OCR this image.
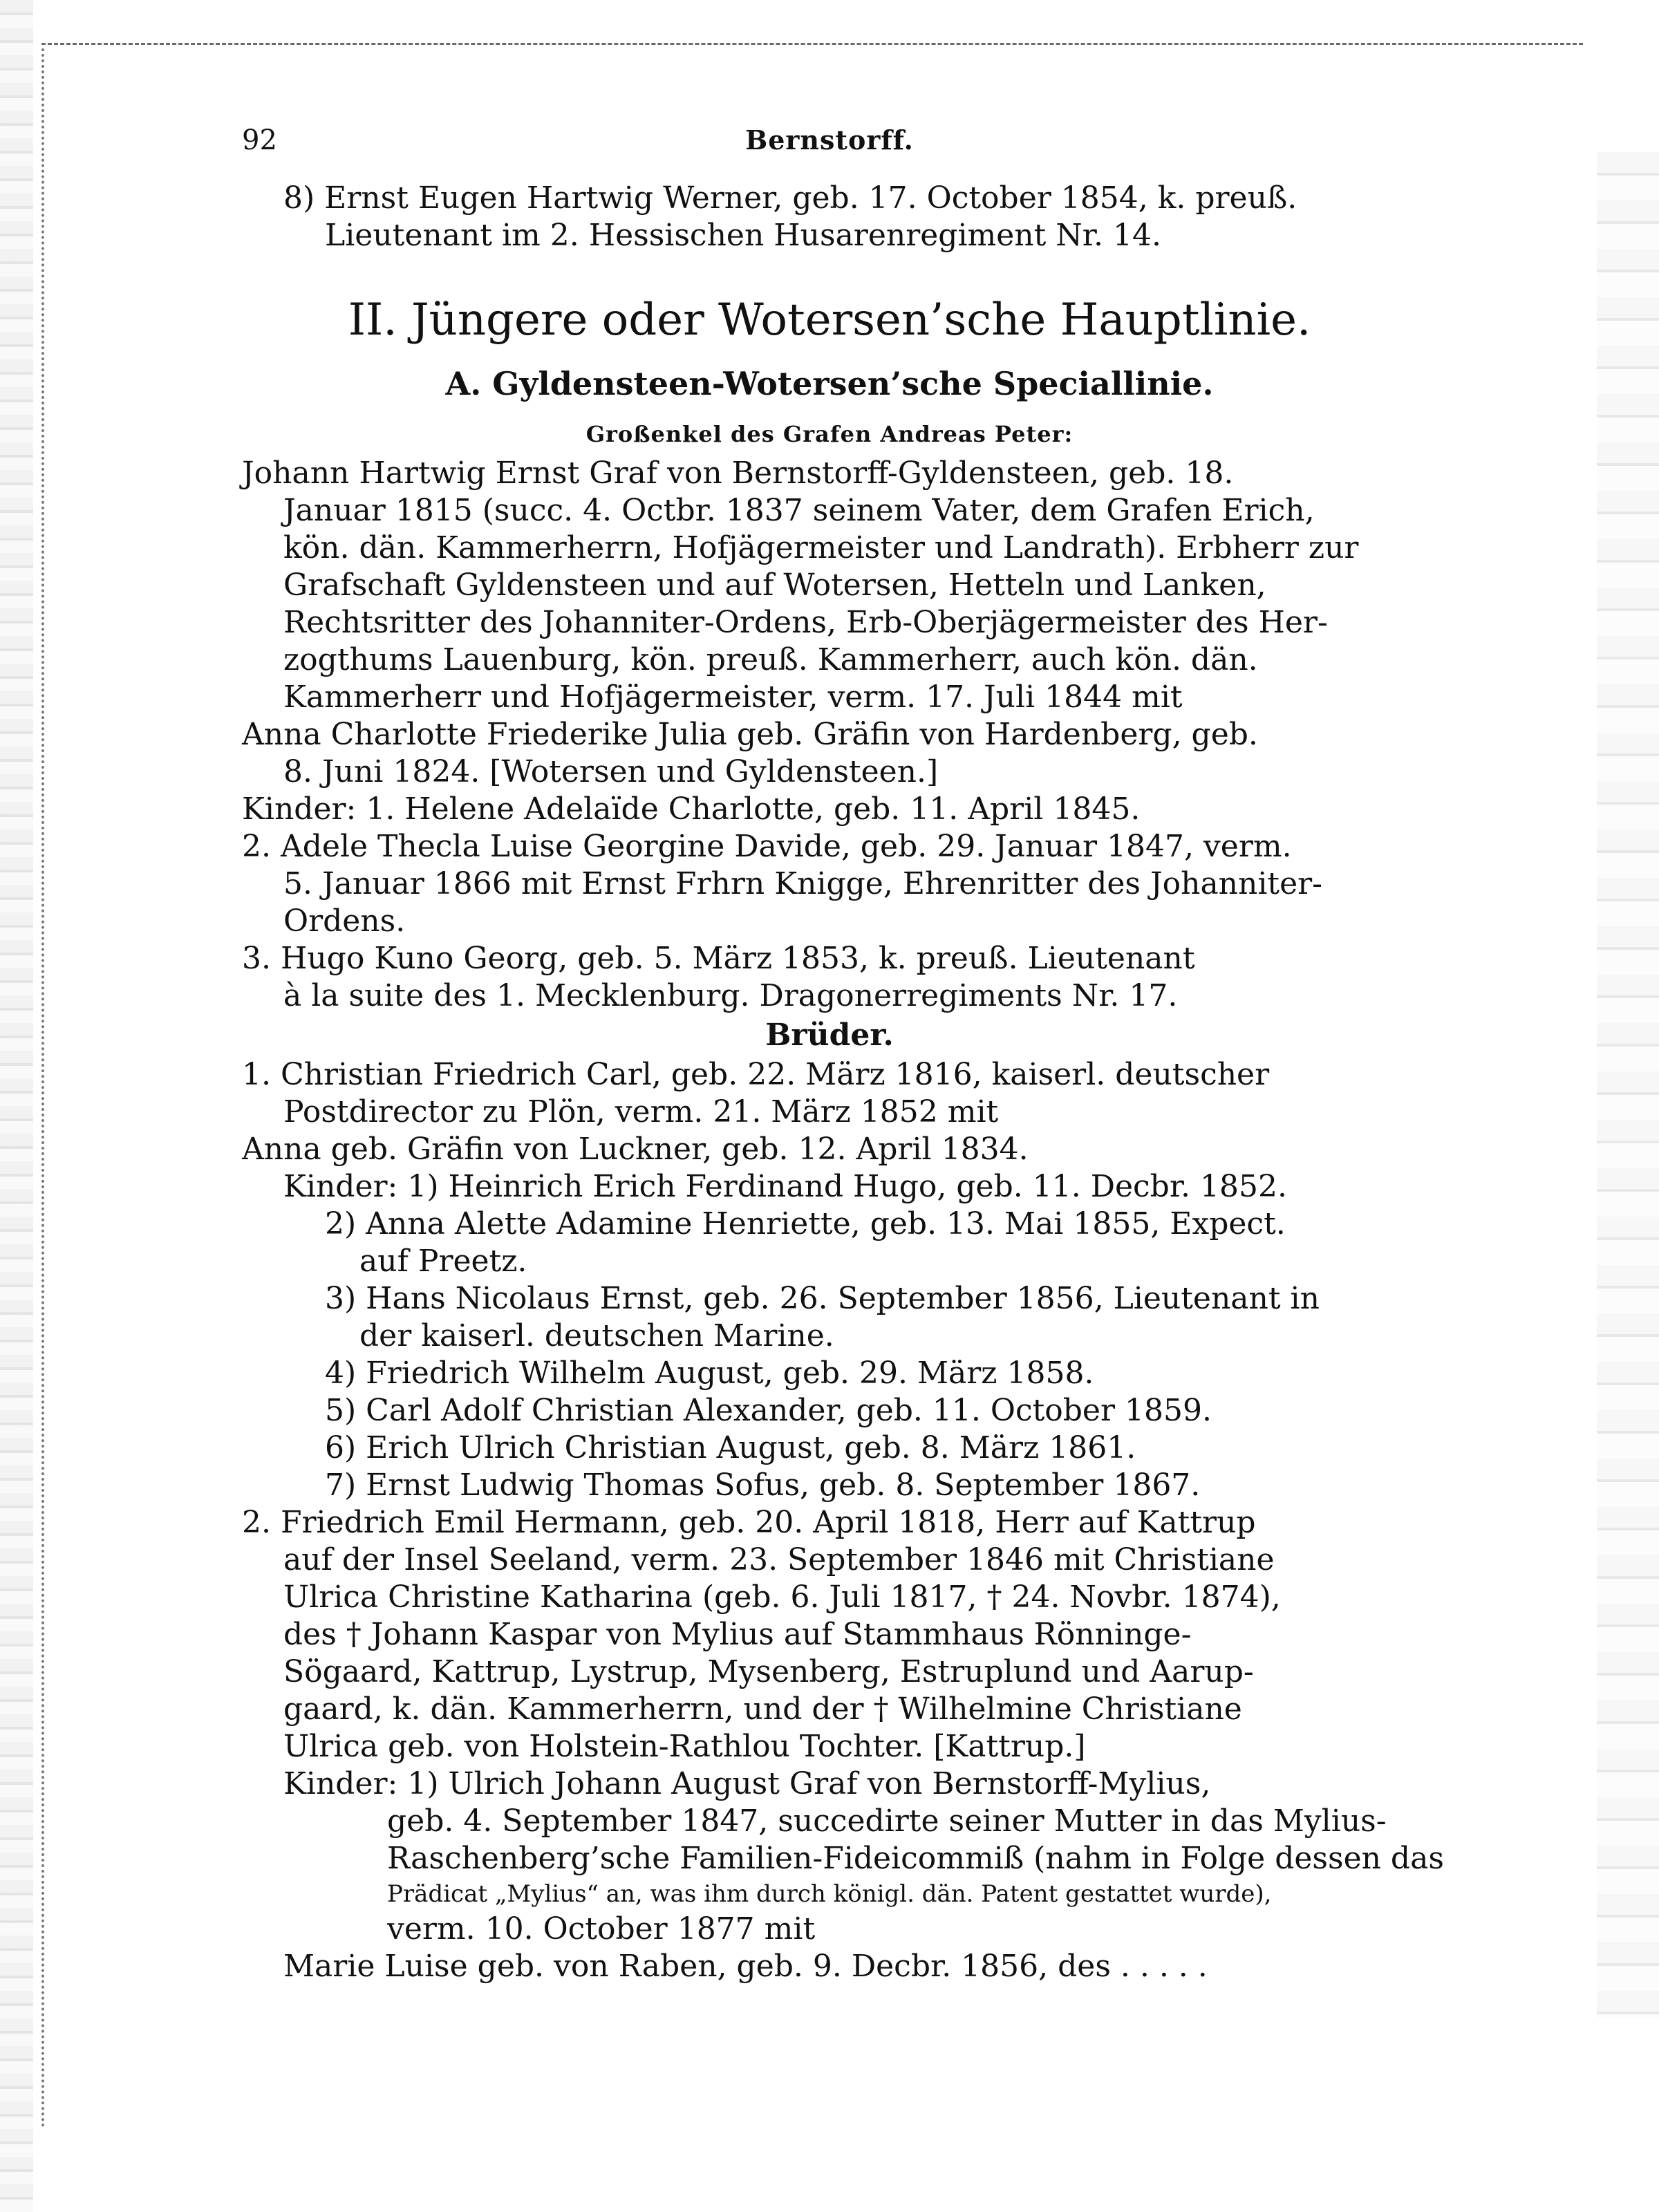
92	Bernstorff.
8) Ernst Eugen Hartwig Werner, geb. 17. October 1854, k. preuß.
Lieutenant im 2. Hessischen Husarenregiment Nr. 14.
II. Jüngere oder Wotersen’sche Hauptlinie.
A. Gyldensteen-Wotersen’sche Speciallinie.
Großenkel des Grafen Andreas Peter:
Johann Hartwig Ernst Graf von Bernstorff-Gyldensteen, geb. 18.
Januar 1815 (succ. 4. Octbr. 1837 seinem Vater, dem Grafen Erich,
kön. dän. Kammerherrn, Hofjägermeister und Landrath). Erbherr zur
Grafschaft Gyldensteen und auf Wotersen, Hetteln und Lanken,
Rechtsritter des Johanniter-Ordens, Erb-Oberjägermeister des Her-
zogthums Lauenburg, kön. preuß. Kammerherr, auch kön. dän.
Kammerherr und Hofjägermeister, verm. 17. Juli 1844 mit
Anna Charlotte Friederike Julia geb. Gräfin von Hardenberg, geb.
8. Juni 1824. [Wotersen und Gyldensteen.]
Kinder: 1. Helene Adelaïde Charlotte, geb. 11. April 1845.
2. Adele Thecla Luise Georgine Davide, geb. 29. Januar 1847, verm.
5. Januar 1866 mit Ernst Frhrn Knigge, Ehrenritter des Johanniter-
Ordens.
3. Hugo Kuno Georg, geb. 5. März 1853, k. preuß. Lieutenant
à la suite des 1. Mecklenburg. Dragonerregiments Nr. 17.
Brüder.
1. Christian Friedrich Carl, geb. 22. März 1816, kaiserl. deutscher
Postdirector zu Plön, verm. 21. März 1852 mit
Anna geb. Gräfin von Luckner, geb. 12. April 1834.
Kinder: 1) Heinrich Erich Ferdinand Hugo, geb. 11. Decbr. 1852.
2) Anna Alette Adamine Henriette, geb. 13. Mai 1855, Expect.
auf Preetz.
3) Hans Nicolaus Ernst, geb. 26. September 1856, Lieutenant in
der kaiserl. deutschen Marine.
4) Friedrich Wilhelm August, geb. 29. März 1858.
5) Carl Adolf Christian Alexander, geb. 11. October 1859.
6) Erich Ulrich Christian August, geb. 8. März 1861.
7) Ernst Ludwig Thomas Sofus, geb. 8. September 1867.
2. Friedrich Emil Hermann, geb. 20. April 1818, Herr auf Kattrup
auf der Insel Seeland, verm. 23. September 1846 mit Christiane
Ulrica Christine Katharina (geb. 6. Juli 1817, † 24. Novbr. 1874),
des † Johann Kaspar von Mylius auf Stammhaus Rönninge-
Sögaard, Kattrup, Lystrup, Mysenberg, Estruplund und Aarup-
gaard, k. dän. Kammerherrn, und der † Wilhelmine Christiane
Ulrica geb. von Holstein-Rathlou Tochter. [Kattrup.]
Kinder: 1) Ulrich Johann August Graf von Bernstorff-Mylius,
geb. 4. September 1847, succedirte seiner Mutter in das Mylius-
Raschenberg’sche Familien-Fideicommiß (nahm in Folge dessen das
Prädicat „Mylius“ an, was ihm durch königl. dän. Patent gestattet wurde),
verm. 10. October 1877 mit
Marie Luise geb. von Raben, geb. 9. Decbr. 1856, des . . . . .
